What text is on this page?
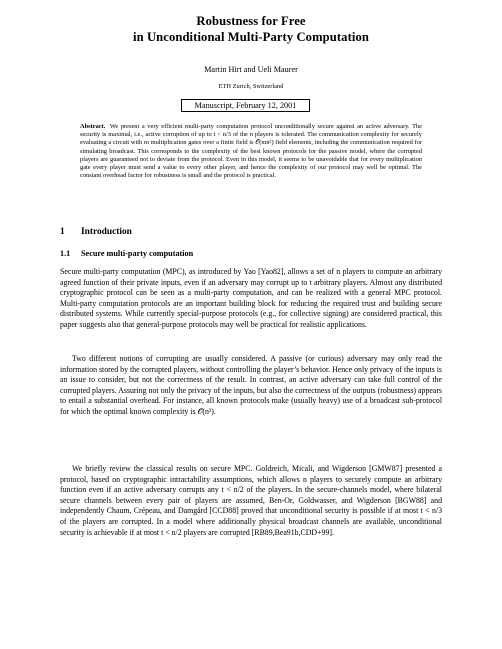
Robustness for Free
in Unconditional Multi-Party Computation
Martin Hirt and Ueli Maurer
ETH Zurich, Switzerland
Manuscript, February 12, 2001
Abstract. We present a very efficient multi-party computation protocol unconditionally secure against an active adversary. The security is maximal, i.e., active corruption of up to t < n/3 of the n players is tolerated. The communication complexity for securely evaluating a circuit with m multiplication gates over a finite field is 𝒪(mn²) field elements, including the communication required for simulating broadcast. This corresponds to the complexity of the best known protocols for the passive model, where the corrupted players are guaranteed not to deviate from the protocol. Even in this model, it seems to be unavoidable that for every multiplication gate every player must send a value to every other player, and hence the complexity of our protocol may well be optimal. The constant overhead factor for robustness is small and the protocol is practical.
1 Introduction
1.1 Secure multi-party computation
Secure multi-party computation (MPC), as introduced by Yao [Yao82], allows a set of n players to compute an arbitrary agreed function of their private inputs, even if an adversary may corrupt up to t arbitrary players. Almost any distributed cryptographic protocol can be seen as a multi-party computation, and can be realized with a general MPC protocol. Multi-party computation protocols are an important building block for reducing the required trust and building secure distributed systems. While currently special-purpose protocols (e.g., for collective signing) are considered practical, this paper suggests also that general-purpose protocols may well be practical for realistic applications.
Two different notions of corrupting are usually considered. A passive (or curious) adversary may only read the information stored by the corrupted players, without controlling the player’s behavior. Hence only privacy of the inputs is an issue to consider, but not the correctness of the result. In contrast, an active adversary can take full control of the corrupted players. Assuring not only the privacy of the inputs, but also the correctness of the outputs (robustness) appears to entail a substantial overhead. For instance, all known protocols make (usually heavy) use of a broadcast sub-protocol for which the optimal known complexity is 𝒪(n²).
We briefly review the classical results on secure MPC. Goldreich, Micali, and Wigderson [GMW87] presented a protocol, based on cryptographic intractability assumptions, which allows n players to securely compute an arbitrary function even if an active adversary corrupts any t < n/2 of the players. In the secure-channels model, where bilateral secure channels between every pair of players are assumed, Ben-Or, Goldwasser, and Wigderson [BGW88] and independently Chaum, Crépeau, and Damgård [CCD88] proved that unconditional security is possible if at most t < n/3 of the players are corrupted. In a model where additionally physical broadcast channels are available, unconditional security is achievable if at most t < n/2 players are corrupted [RB89,Bea91b,CDD+99].
